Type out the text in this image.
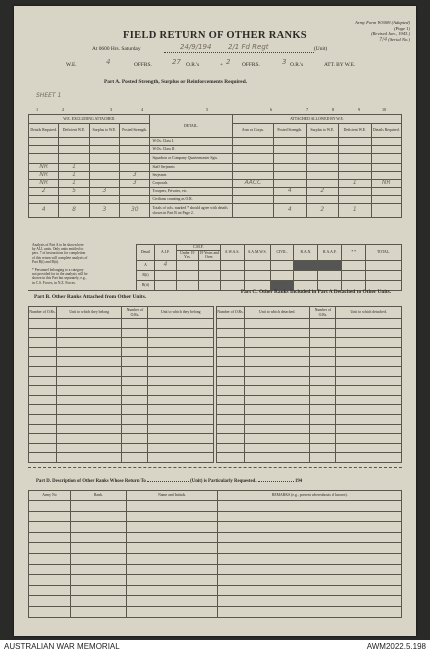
Army Form W3009 (Adapted)
(Page 1)
(Revised Jan., 1943.)
7/4 (Serial No.)
FIELD RETURN OF OTHER RANKS
At 0600 Hrs. Saturday	24/9/194 2/1 Fd Regt	(Unit)
W.E.	4	OFFRS.	27 O.R.'s	+ 2 OFFRS.	3 O.R.'s	ATT. BY W.E.
Part A. Posted Strength, Surplus or Reinforcements Required.
SHEET 1
1	2	3	4	5	6	7	8	9	10
W.E. EXCLUDING ATTACHED.				DETAIL.	ATTACHED ALLOWED BY W.E.				
Details Required.	Deficient W.E.	Surplus to W.E.	Posted Strength.		Arm or Corps.	Posted Strength.	Surplus to W.E.	Deficient W.E.	Details Required.
				W.Os. Class I.					
				W.Os. Class II.					
				Squadron or Company Quartermaster Sgts.					
NR	1			Staff Serjeants					
NR	1		3	Serjeants					
NR	1		3	Corporals	AACC			1	NR
2	5	3		Troopers, Privates, etc.		4	2		
				Civilians counting as O.R.					
4	8	3	30	Totals of cols. marked * should agree with details shown in Part B on Page 2.		4	2	1	
Analysis of Part A to be shown here by ALL units. Only units entitled to pers. 7 of instructions for completion of this return will complete analysis of Part B(i) and B(ii).
* Personnel belonging to a category not provided for in the analysis will be shown in this Part but separately, e.g., in C.S. Forces, in N.Z. Forces.
Detail	A.I.F.	C.M.F.		A.W.A.S.	A.A.M.W.S.	CIVIL.	R.A.N.	R.A.A.F.	* *	TOTAL.
		Under 19 Yrs.	19 Years and Over.							
A	4									
B(i)										
B(ii)										
Part B. Other Ranks Attached from Other Units.
Part C. Other Ranks Included in Part A Detached to Other Units.
Number of O.Rs.	Unit to which they belong	Number of O.Rs.	Unit to which they belong

				Number of O.Rs.	Unit to which detached.	Number of O.Rs.	Unit to which detached.

Part D. Description of Other Ranks Whose Return To	(Unit) is Particularly Requested.	194
Army No	Rank.	Name and Initials.	REMARKS (e.g., present whereabouts if known).

AUSTRALIAN WAR MEMORIAL	AWM2022.5.198
